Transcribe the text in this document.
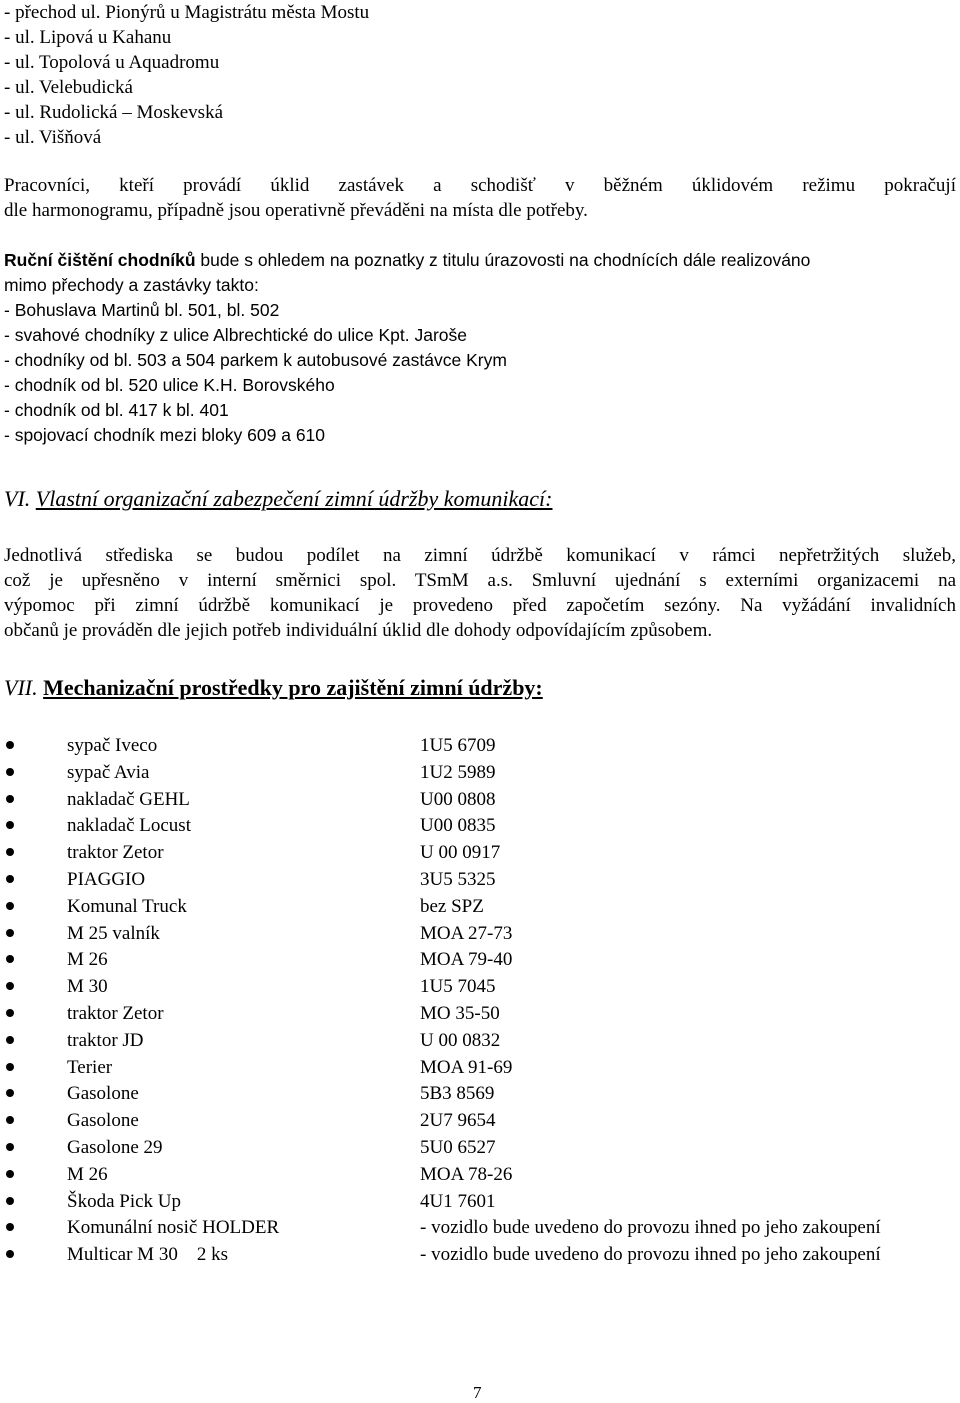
- přechod ul. Pionýrů u Magistrátu města Mostu
- ul. Lipová u Kahanu
- ul. Topolová u Aquadromu
- ul. Velebudická
- ul. Rudolická – Moskevská
- ul. Višňová
Pracovníci, kteří provádí úklid zastávek a schodišť v běžném úklidovém režimu pokračují
dle harmonogramu, případně jsou operativně převáděni na místa dle potřeby.
Ruční čištění chodníků bude s ohledem na poznatky z titulu úrazovosti na chodnících dále realizováno
mimo přechody a zastávky takto:
- Bohuslava Martinů bl. 501, bl. 502
- svahové chodníky z ulice Albrechtické do ulice Kpt. Jaroše
- chodníky od bl. 503 a 504 parkem k autobusové zastávce Krym
- chodník od bl. 520 ulice K.H. Borovského
- chodník od bl. 417 k bl. 401
- spojovací chodník mezi bloky 609 a 610
VI. Vlastní organizační zabezpečení zimní údržby komunikací:
Jednotlivá střediska se budou podílet na zimní údržbě komunikací v rámci nepřetržitých služeb,
což je upřesněno v interní směrnici spol. TSmM a.s. Smluvní ujednání s externími organizacemi na
výpomoc při zimní údržbě komunikací je provedeno před započetím sezóny. Na vyžádání invalidních
občanů je prováděn dle jejich potřeb individuální úklid dle dohody odpovídajícím způsobem.
VII. Mechanizační prostředky pro zajištění zimní údržby:
sypač Iveco	1U5 6709
sypač Avia	1U2 5989
nakladač GEHL	U00 0808
nakladač Locust	U00 0835
traktor Zetor	U 00 0917
PIAGGIO	3U5 5325
Komunal Truck	bez SPZ
M 25 valník	MOA 27-73
M 26	MOA 79-40
M 30	1U5 7045
traktor Zetor	MO 35-50
traktor JD	U 00 0832
Terier	MOA 91-69
Gasolone	5B3 8569
Gasolone	2U7 9654
Gasolone 29	5U0 6527
M 26	MOA 78-26
Škoda Pick Up	4U1 7601
Komunální nosič HOLDER	- vozidlo bude uvedeno do provozu ihned po jeho zakoupení
Multicar M 30    2 ks	- vozidlo bude uvedeno do provozu ihned po jeho zakoupení
7
